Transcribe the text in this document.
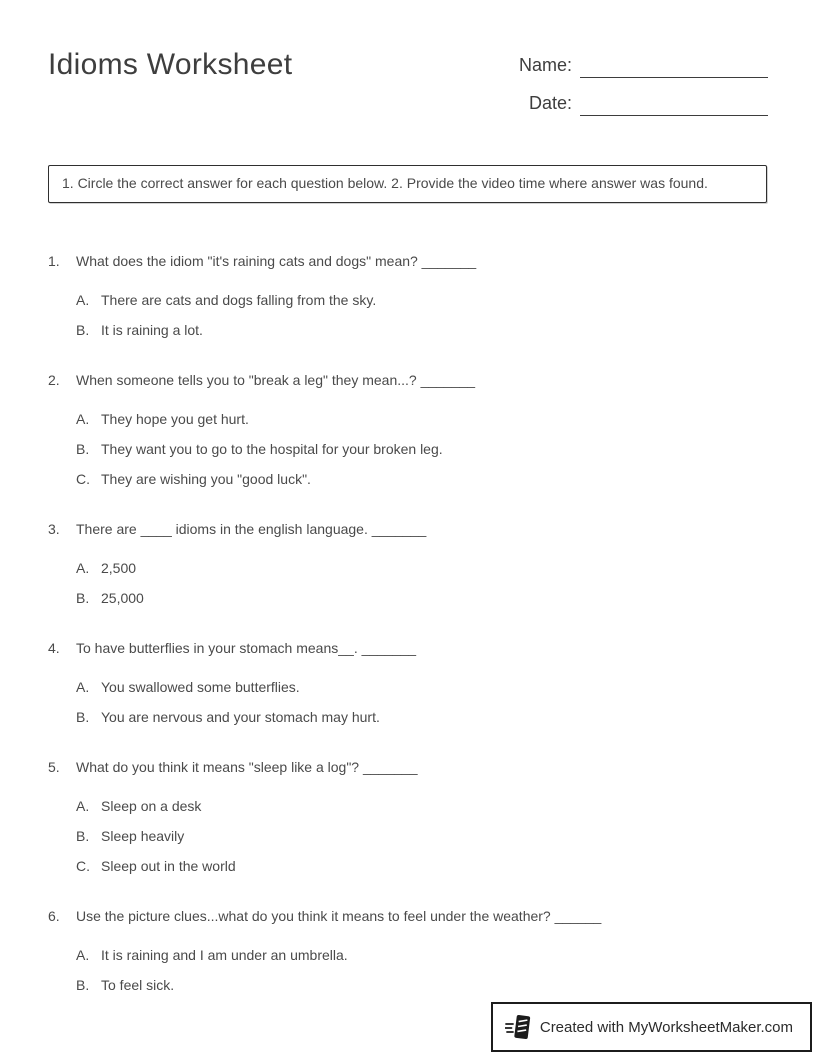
Idioms Worksheet	Name:
Date:

1. Circle the correct answer for each question below. 2. Provide the video time where answer was found.

1.	What does the idiom "it's raining cats and dogs" mean? _______
A. There are cats and dogs falling from the sky.
B. It is raining a lot.
2.	When someone tells you to "break a leg" they mean...? _______
A. They hope you get hurt.
B. They want you to go to the hospital for your broken leg.
C. They are wishing you "good luck".
3.	There are ____ idioms in the english language. _______
A. 2,500
B. 25,000
4.	To have butterflies in your stomach means__. _______
A. You swallowed some butterflies.
B. You are nervous and your stomach may hurt.
5.	What do you think it means "sleep like a log"? _______
A. Sleep on a desk
B. Sleep heavily
C. Sleep out in the world
6.	Use the picture clues...what do you think it means to feel under the weather? ______
A. It is raining and I am under an umbrella.
B. To feel sick.
Created with MyWorksheetMaker.com
